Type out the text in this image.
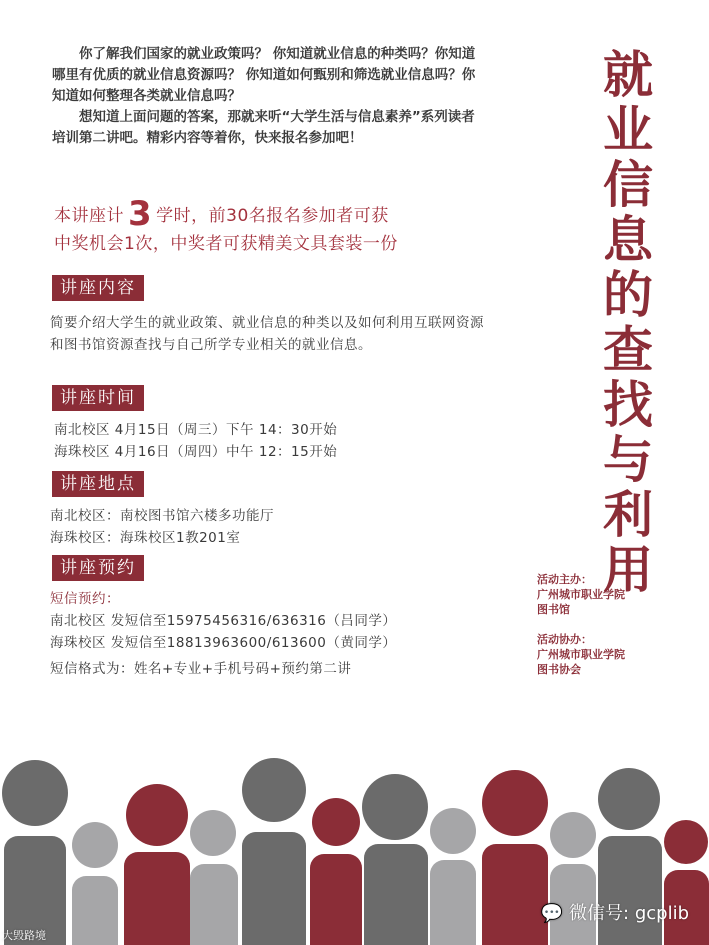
你了解我们国家的就业政策吗？ 你知道就业信息的种类吗？你知道哪里有优质的就业信息资源吗？ 你知道如何甄别和筛选就业信息吗？你知道如何整理各类就业信息吗？

想知道上面问题的答案，那就来听“大学生活与信息素养”系列读者培训第二讲吧。精彩内容等着你，快来报名参加吧！

本讲座计 3 学时，前30名报名参加者可获
中奖机会1次，中奖者可获精美文具套装一份
讲座内容
简要介绍大学生的就业政策、就业信息的种类以及如何利用互联网资源和图书馆资源查找与自己所学专业相关的就业信息。
讲座时间
南北校区 4月15日（周三）下午 14：30开始
海珠校区 4月16日（周四）中午 12：15开始
讲座地点
南北校区：南校图书馆六楼多功能厅
海珠校区：海珠校区1教201室
讲座预约
短信预约：
南北校区 发短信至15975456316/636316（吕同学）
海珠校区 发短信至18813963600/613600（黄同学）
短信格式为：姓名+专业+手机号码+预约第二讲
就
业
信
息
的
查
找
与
利
用
活动主办：
广州城市职业学院
图书馆
活动协办：
广州城市职业学院
图书协会
大毁路境
💬 微信号: gcplib
